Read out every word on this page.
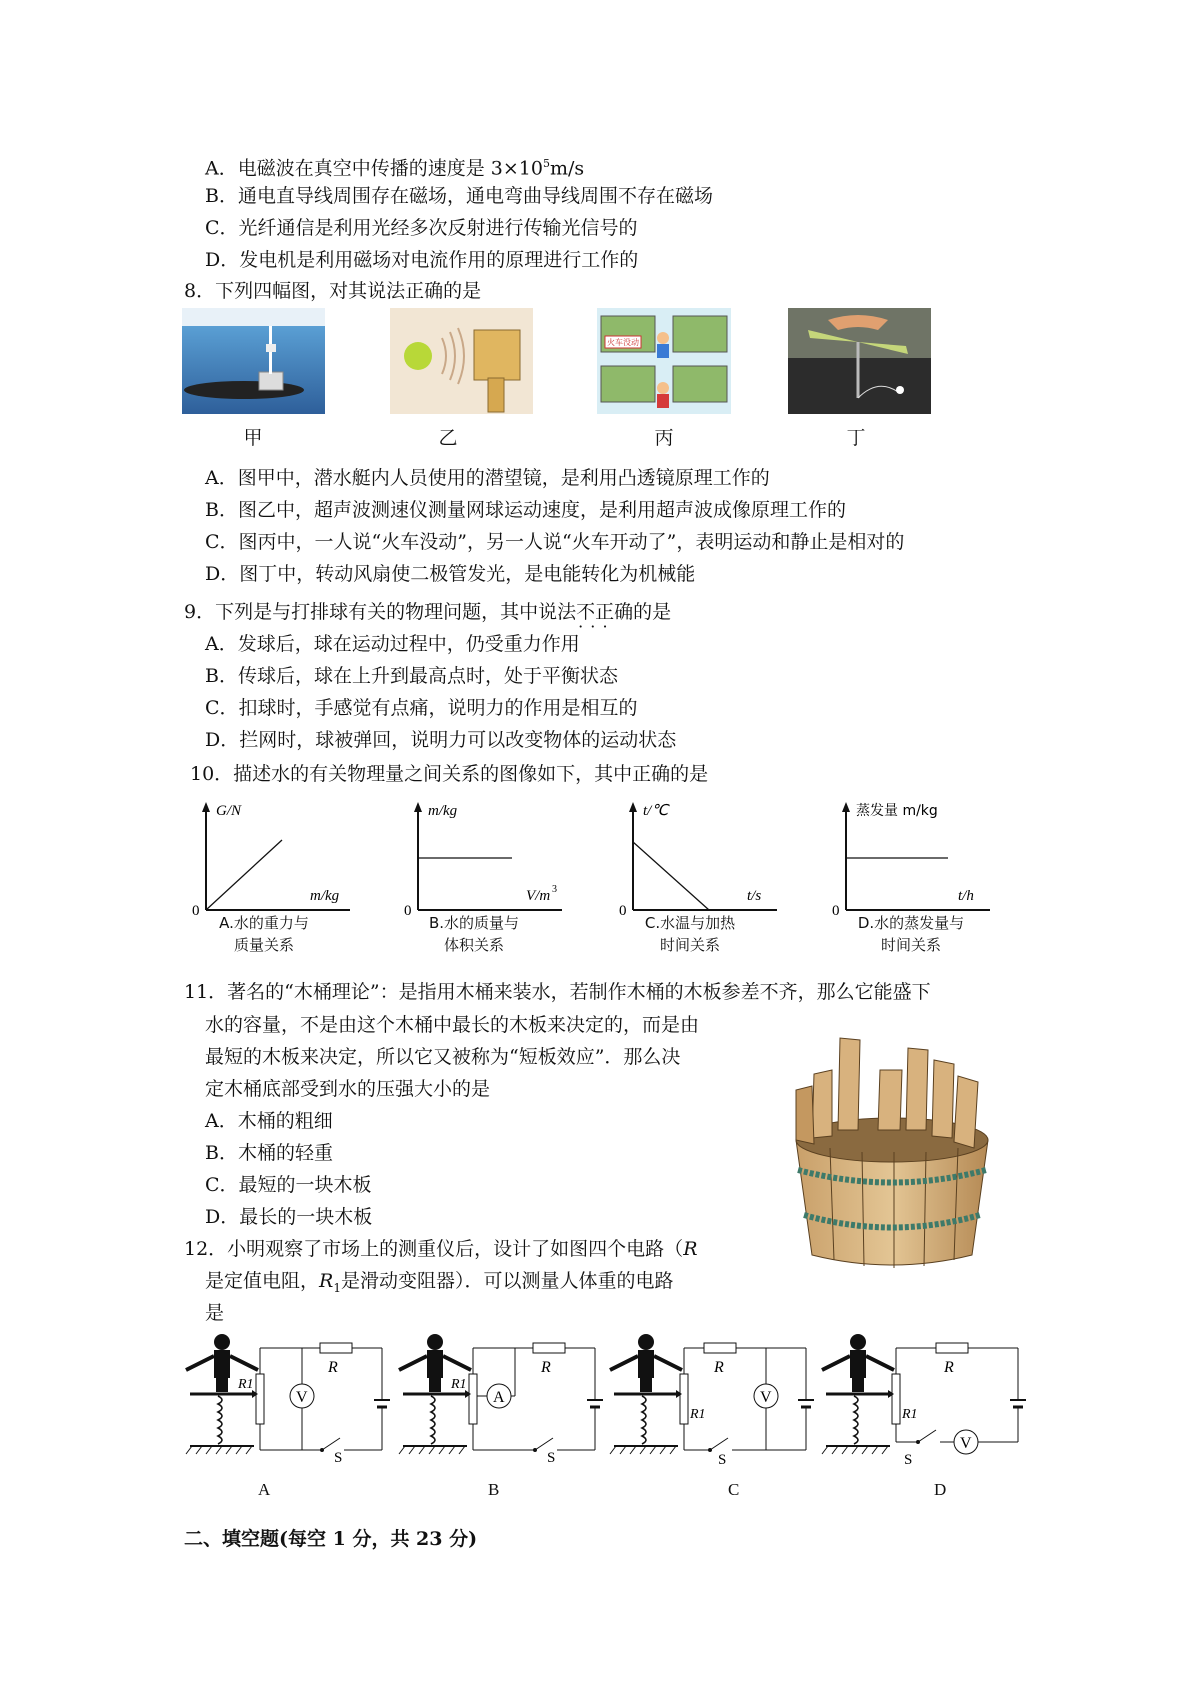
A．电磁波在真空中传播的速度是 $3\times 10^5m/s$
B．通电直导线周围存在磁场，通电弯曲导线周围不存在磁场
C．光纤通信是利用光经多次反射进行传输光信号的
D．发电机是利用磁场对电流作用的原理进行工作的
8．下列四幅图，对其说法正确的是
甲	乙
火车没动
丙	丁
A．图甲中，潜水艇内人员使用的潜望镜，是利用凸透镜原理工作的
B．图乙中，超声波测速仪测量网球运动速度，是利用超声波成像原理工作的
C．图丙中，一人说“火车没动”，另一人说“火车开动了”，表明运动和静止是相对的
D．图丁中，转动风扇使二极管发光，是电能转化为机械能
9．下列是与打排球有关的物理问题，其中说法不正确 · · ·的是
A．发球后，球在运动过程中，仍受重力作用
B．传球后，球在上升到最高点时，处于平衡状态
C．扣球时，手感觉有点痛，说明力的作用是相互的
D．拦网时，球被弹回，说明力可以改变物体的运动状态
10．描述水的有关物理量之间关系的图像如下，其中正确的是
G/N
m/kg
0
A.水的重力与
质量关系
m/kg
V/m 3
0
B.水的质量与
体积关系
t/℃
t/s
0
C.水温与加热
时间关系
蒸发量 m/kg
t/h
0
D.水的蒸发量与
时间关系
11．著名的“木桶理论”：是指用木桶来装水，若制作木桶的木板参差不齐，那么它能盛下
水的容量，不是由这个木桶中最长的木板来决定的，而是由
最短的木板来决定，所以它又被称为“短板效应”．那么决
定木桶底部受到水的压强大小的是
A．木桶的粗细
B．木桶的轻重
C．最短的一块木板
D．最长的一块木板
12．小明观察了市场上的测重仪后，设计了如图四个电路（R
是定值电阻，$R_1$是滑动变阻器）．可以测量人体重的电路
是
V
R
R1
S
A
A
R
R1
S
B
V
R
R1
S
C
V
R
R1
S
D
二、填空题(每空 1 分，共 23 分)
